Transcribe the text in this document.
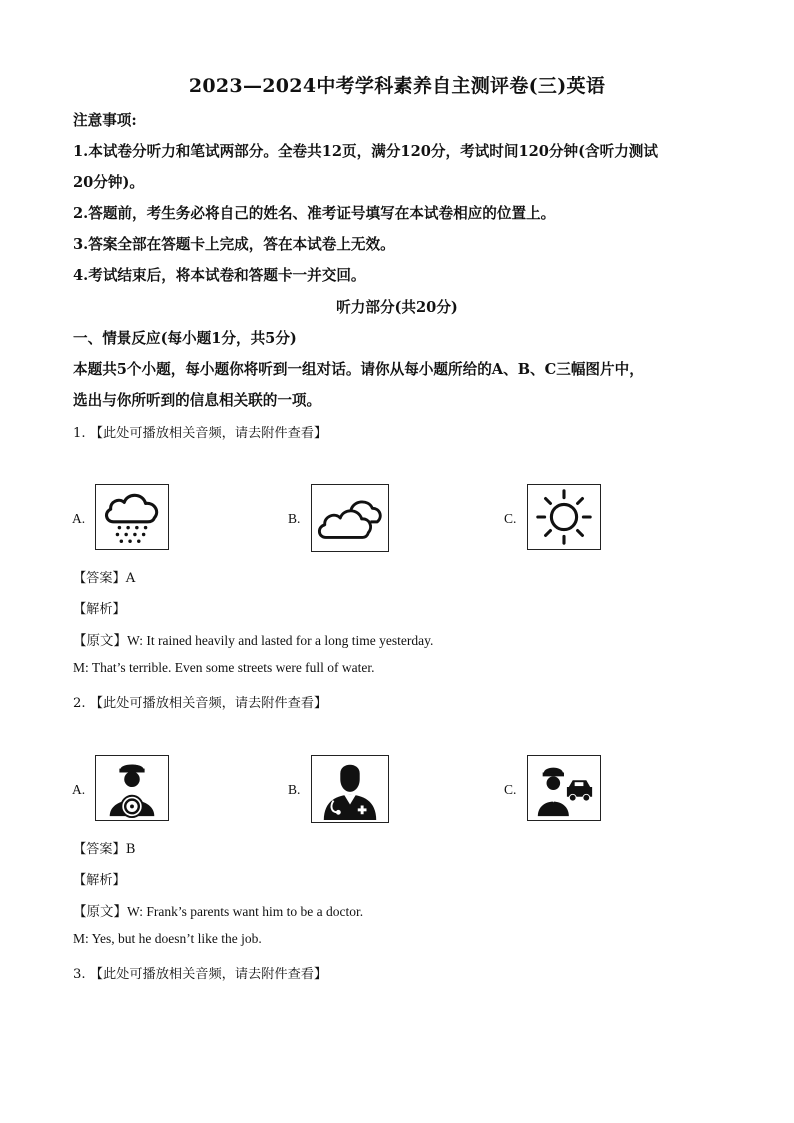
2023—2024中考学科素养自主测评卷(三)英语
注意事项:
1.本试卷分听力和笔试两部分。全卷共12页，满分120分，考试时间120分钟(含听力测试
20分钟)。
2.答题前，考生务必将自己的姓名、准考证号填写在本试卷相应的位置上。
3.答案全部在答题卡上完成，答在本试卷上无效。
4.考试结束后，将本试卷和答题卡一并交回。
听力部分(共20分)
一、情景反应(每小题1分，共5分)
本题共5个小题，每小题你将听到一组对话。请你从每小题所给的A、B、C三幅图片中，
选出与你所听到的信息相关联的一项。
1. 【此处可播放相关音频，请去附件查看】
A.	B.	C.
【答案】A
【解析】
【原文】W: It rained heavily and lasted for a long time yesterday.
M: That’s terrible. Even some streets were full of water.
2. 【此处可播放相关音频，请去附件查看】
A.	B.	C.
【答案】B
【解析】
【原文】W: Frank’s parents want him to be a doctor.
M: Yes, but he doesn’t like the job.
3. 【此处可播放相关音频，请去附件查看】
